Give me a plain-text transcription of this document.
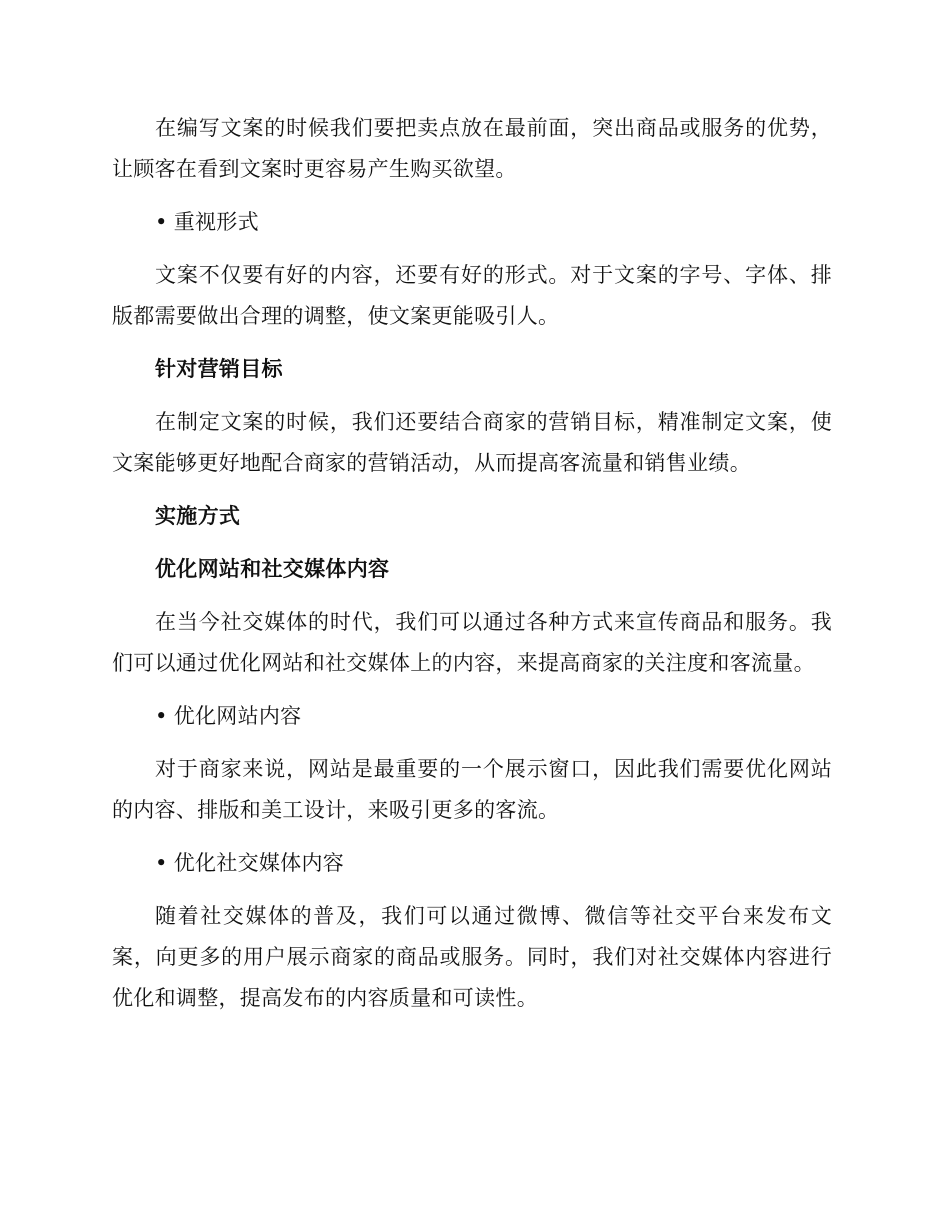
在编写文案的时候我们要把卖点放在最前面，突出商品或服务的优势，让顾客在看到文案时更容易产生购买欲望。

• 重视形式

文案不仅要有好的内容，还要有好的形式。对于文案的字号、字体、排版都需要做出合理的调整，使文案更能吸引人。

针对营销目标

在制定文案的时候，我们还要结合商家的营销目标，精准制定文案，使文案能够更好地配合商家的营销活动，从而提高客流量和销售业绩。

实施方式

优化网站和社交媒体内容

在当今社交媒体的时代，我们可以通过各种方式来宣传商品和服务。我们可以通过优化网站和社交媒体上的内容，来提高商家的关注度和客流量。

• 优化网站内容

对于商家来说，网站是最重要的一个展示窗口，因此我们需要优化网站的内容、排版和美工设计，来吸引更多的客流。

• 优化社交媒体内容

随着社交媒体的普及，我们可以通过微博、微信等社交平台来发布文案，向更多的用户展示商家的商品或服务。同时，我们对社交媒体内容进行优化和调整，提高发布的内容质量和可读性。
